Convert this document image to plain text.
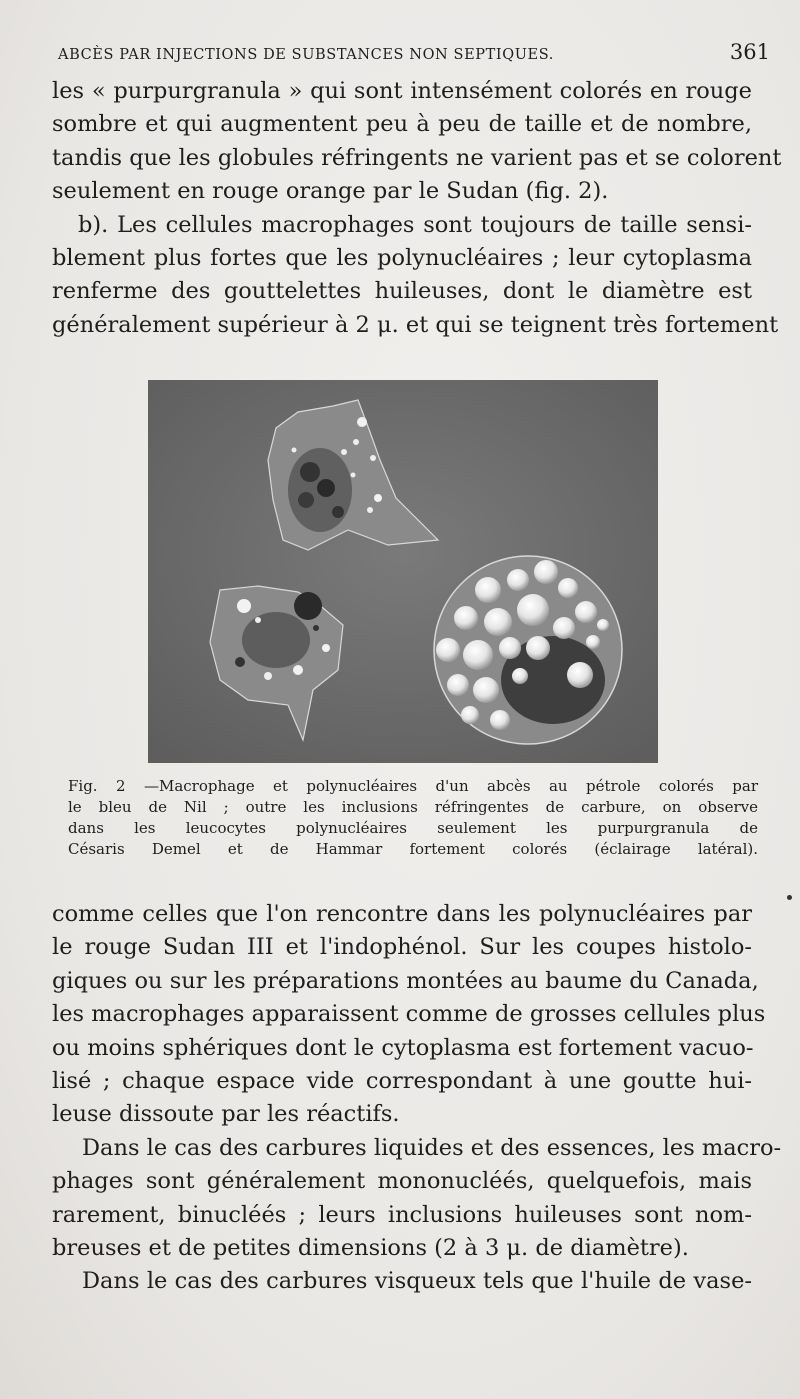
ABCÈS PAR INJECTIONS DE SUBSTANCES NON SEPTIQUES.	361
les « purpurgranula » qui sont intensément colorés en rouge
sombre et qui augmentent peu à peu de taille et de nombre,
tandis que les globules réfringents ne varient pas et se colorent
seulement en rouge orange par le Sudan (fig. 2).
b). Les cellules macrophages sont toujours de taille sensi-
blement plus fortes que les polynucléaires ; leur cytoplasma
renferme des gouttelettes huileuses, dont le diamètre est
généralement supérieur à 2 μ. et qui se teignent très fortement
Fig. 2 —Macrophage et polynucléaires d'un abcès au pétrole colorés par
le bleu de Nil ; outre les inclusions réfringentes de carbure, on observe
dans les leucocytes polynucléaires seulement les purpurgranula de
Césaris Demel et de Hammar fortement colorés (éclairage latéral).
comme celles que l'on rencontre dans les polynucléaires par
le rouge Sudan III et l'indophénol. Sur les coupes histolo-
giques ou sur les préparations montées au baume du Canada,
les macrophages apparaissent comme de grosses cellules plus
ou moins sphériques dont le cytoplasma est fortement vacuo-
lisé ; chaque espace vide correspondant à une goutte hui-
leuse dissoute par les réactifs.
Dans le cas des carbures liquides et des essences, les macro-
phages sont généralement mononucléés, quelquefois, mais
rarement, binucléés ; leurs inclusions huileuses sont nom-
breuses et de petites dimensions (2 à 3 μ. de diamètre).
Dans le cas des carbures visqueux tels que l'huile de vase-
